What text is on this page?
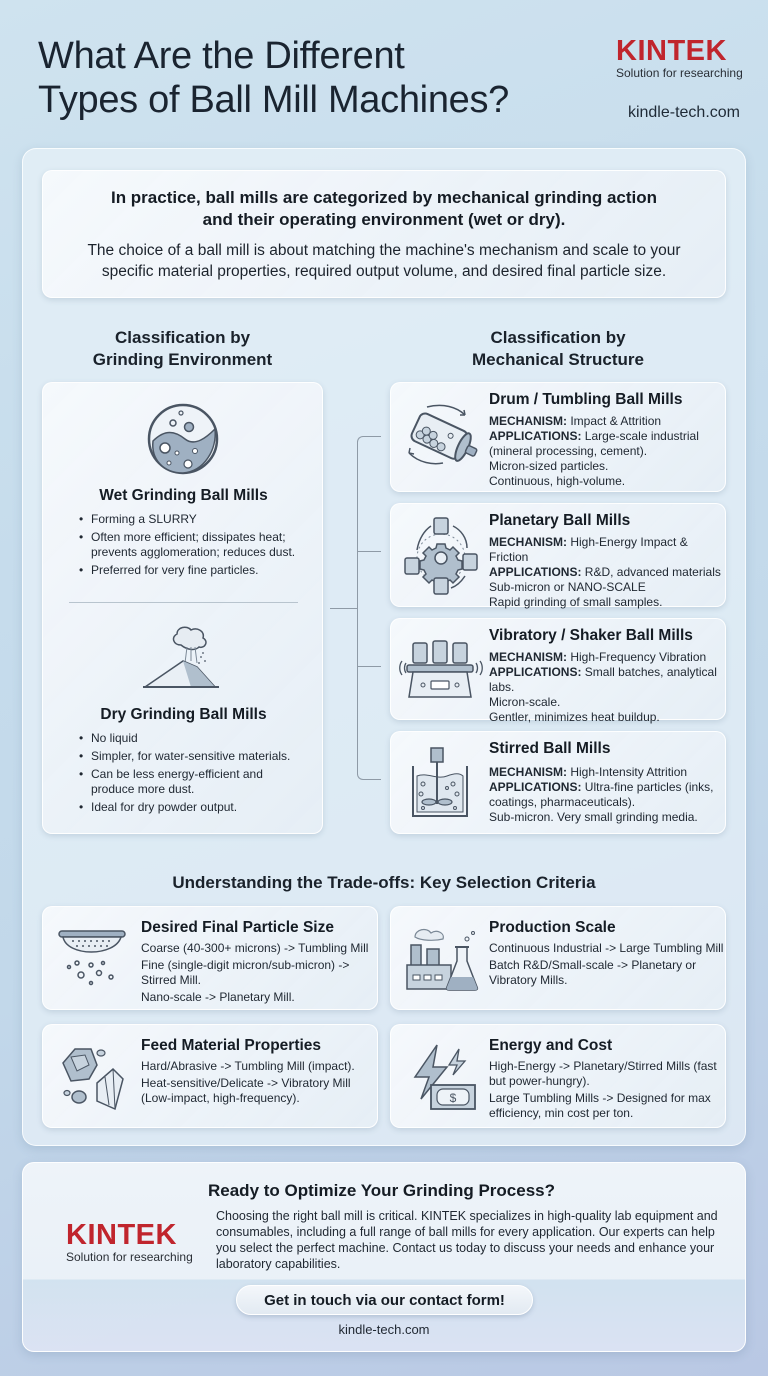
What Are the Different
Types of Ball Mill Machines?
KINTEK
Solution for researching
kindle-tech.com
In practice, ball mills are categorized by mechanical grinding action
and their operating environment (wet or dry).
The choice of a ball mill is about matching the machine's mechanism and scale to your
specific material properties, required output volume, and desired final particle size.
Classification by
Grinding Environment
Classification by
Mechanical Structure
Wet Grinding Ball Mills
• Forming a SLURRY
• Often more efficient; dissipates heat; prevents agglomeration; reduces dust.
• Preferred for very fine particles.
Dry Grinding Ball Mills
• No liquid
• Simpler, for water-sensitive materials.
• Can be less energy-efficient and produce more dust.
• Ideal for dry powder output.
Drum / Tumbling Ball Mills
MECHANISM: Impact & Attrition
APPLICATIONS: Large-scale industrial (mineral processing, cement).
Micron-sized particles.
Continuous, high-volume.
Planetary Ball Mills
MECHANISM: High-Energy Impact & Friction
APPLICATIONS: R&D, advanced materials
Sub-micron or NANO-SCALE
Rapid grinding of small samples.
Vibratory / Shaker Ball Mills
MECHANISM: High-Frequency Vibration
APPLICATIONS: Small batches, analytical labs.
Micron-scale.
Gentler, minimizes heat buildup.
Stirred Ball Mills
MECHANISM: High-Intensity Attrition
APPLICATIONS: Ultra-fine particles (inks, coatings, pharmaceuticals).
Sub-micron. Very small grinding media.
Understanding the Trade-offs: Key Selection Criteria
Desired Final Particle Size

Coarse (40-300+ microns) -> Tumbling Mill

Fine (single-digit micron/sub-micron) -> Stirred Mill.

Nano-scale -> Planetary Mill.

Production Scale

Continuous Industrial -> Large Tumbling Mill

Batch R&D/Small-scale -> Planetary or Vibratory Mills.

Feed Material Properties

Hard/Abrasive -> Tumbling Mill (impact).

Heat-sensitive/Delicate -> Vibratory Mill (Low-impact, high-frequency).	$
Energy and Cost

High-Energy -> Planetary/Stirred Mills (fast but power-hungry).

Large Tumbling Mills -> Designed for max efficiency, min cost per ton.

KINTEK
Solution for researching
Ready to Optimize Your Grinding Process?
Choosing the right ball mill is critical. KINTEK specializes in high-quality lab equipment and consumables, including a full range of ball mills for every application. Our experts can help you select the perfect machine. Contact us today to discuss your needs and enhance your laboratory capabilities.
Get in touch via our contact form!
kindle-tech.com
